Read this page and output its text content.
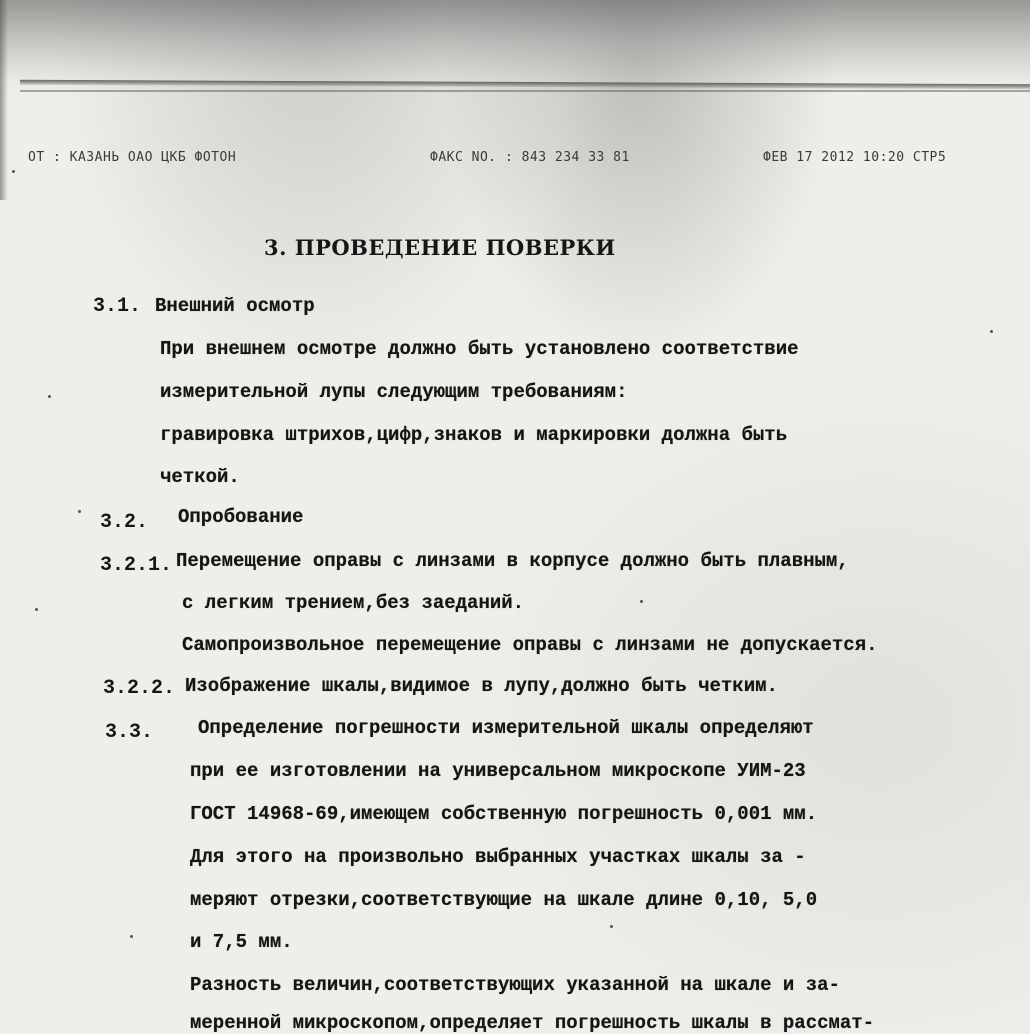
ОТ : КАЗАНЬ ОАО ЦКБ ФОТОН	ФАКС NO. : 843 234 33 81	ФЕВ 17 2012 10:20 СТР5
3. ПРОВЕДЕНИЕ ПОВЕРКИ
3.1. Внешний осмотр
При внешнем осмотре должно быть установлено соответствие
измерительной лупы следующим требованиям:
гравировка штрихов,цифр,знаков и маркировки должна быть
четкой.
3.2. Опробование
3.2.1. Перемещение оправы с линзами в корпусе должно быть плавным,
с легким трением,без заеданий.
Самопроизвольное перемещение оправы с линзами не допускается.
3.2.2. Изображение шкалы,видимое в лупу,должно быть четким.
3.3. Определение погрешности измерительной шкалы определяют
при ее изготовлении на универсальном микроскопе УИМ-23
ГОСТ 14968-69,имеющем собственную погрешность 0,001 мм.
Для этого на произвольно выбранных участках шкалы за -
меряют отрезки,соответствующие на шкале длине 0,10, 5,0
и 7,5 мм.
Разность величин,соответствующих указанной на шкале и за-
меренной микроскопом,определяет погрешность шкалы в рассмат-
